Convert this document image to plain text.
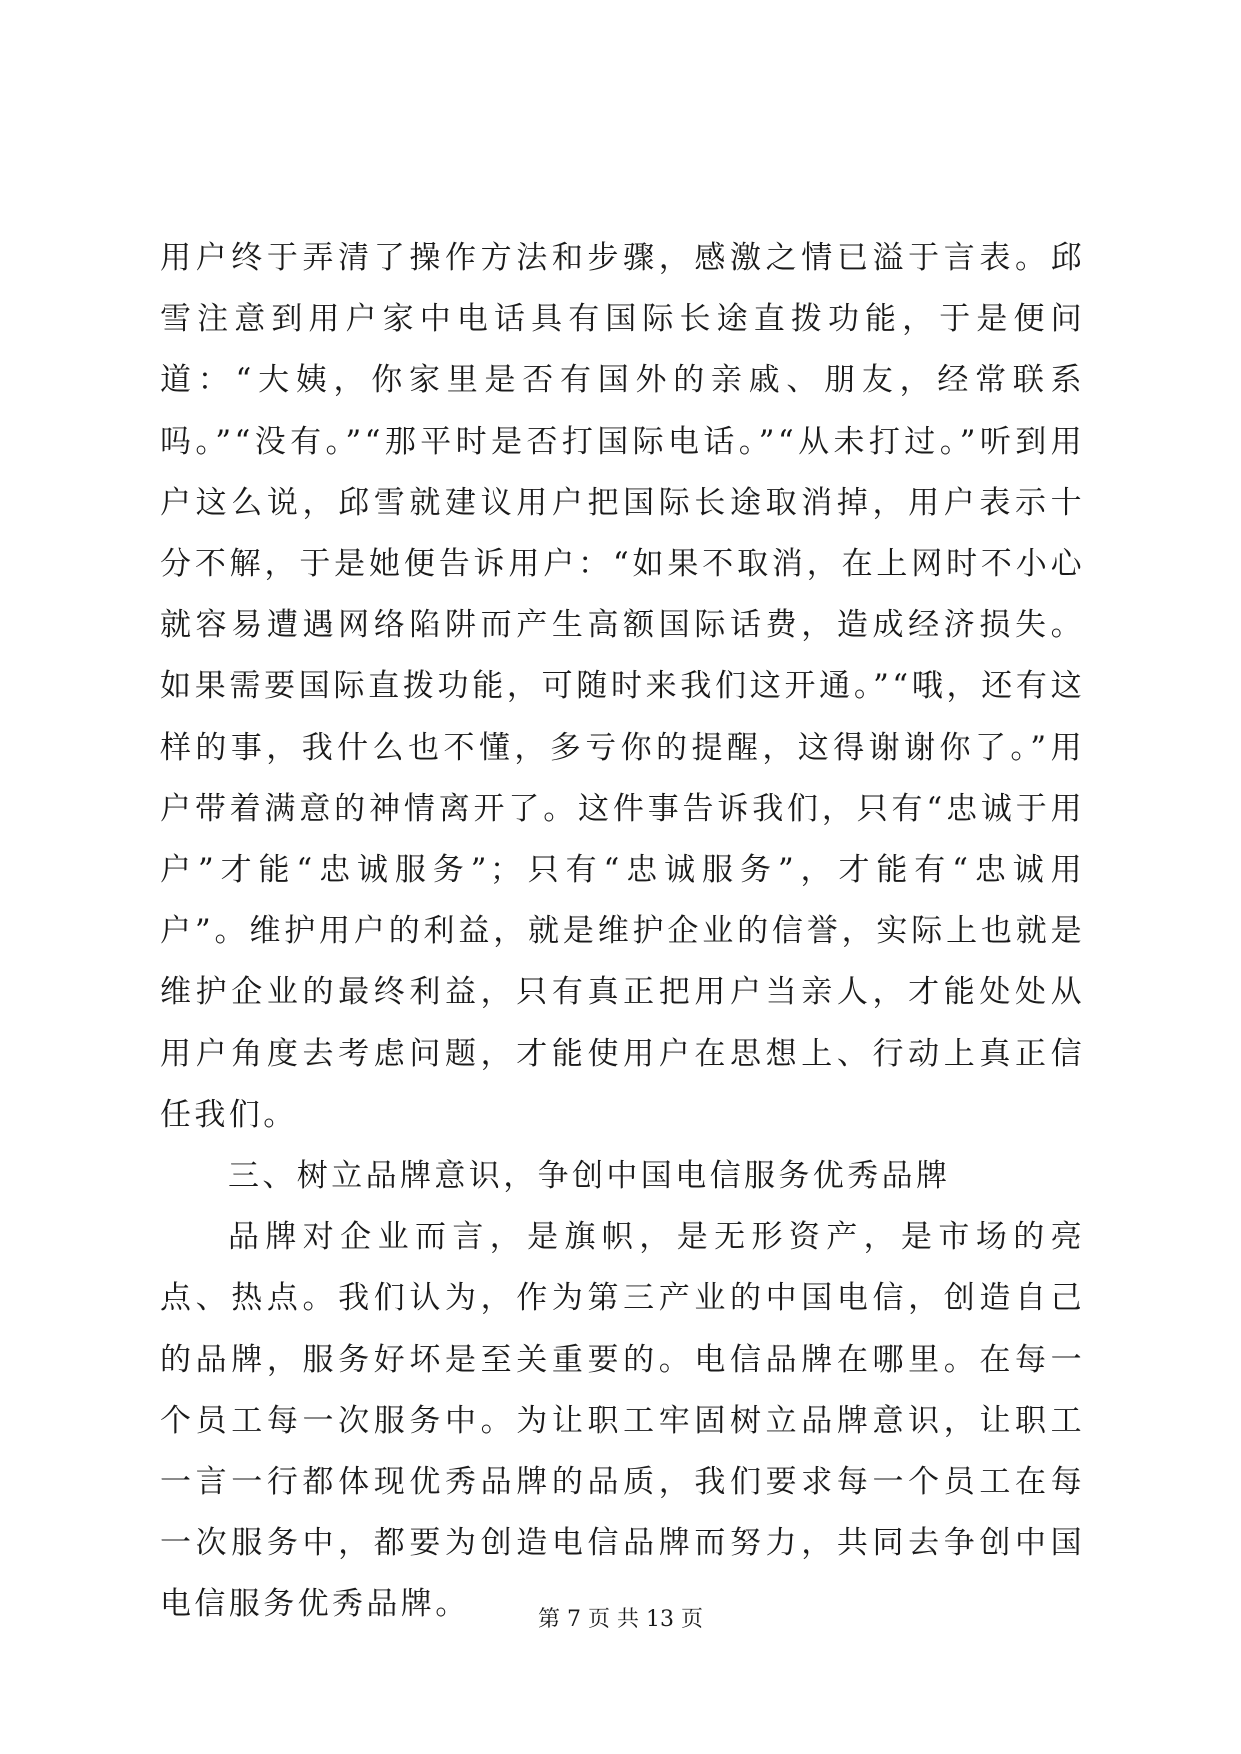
用户终于弄清了操作方法和步骤，感激之情已溢于言表。邱雪注意到用户家中电话具有国际长途直拨功能，于是便问道：“大姨，你家里是否有国外的亲戚、朋友，经常联系吗。”“没有。”“那平时是否打国际电话。”“从未打过。”听到用户这么说，邱雪就建议用户把国际长途取消掉，用户表示十分不解，于是她便告诉用户：“如果不取消，在上网时不小心就容易遭遇网络陷阱而产生高额国际话费，造成经济损失。如果需要国际直拨功能，可随时来我们这开通。”“哦，还有这样的事，我什么也不懂，多亏你的提醒，这得谢谢你了。”用户带着满意的神情离开了。这件事告诉我们，只有“忠诚于用户”才能“忠诚服务”；只有“忠诚服务”，才能有“忠诚用户”。维护用户的利益，就是维护企业的信誉，实际上也就是维护企业的最终利益，只有真正把用户当亲人，才能处处从用户角度去考虑问题，才能使用户在思想上、行动上真正信任我们。

三、树立品牌意识，争创中国电信服务优秀品牌

品牌对企业而言，是旗帜，是无形资产，是市场的亮点、热点。我们认为，作为第三产业的中国电信，创造自己的品牌，服务好坏是至关重要的。电信品牌在哪里。在每一个员工每一次服务中。为让职工牢固树立品牌意识，让职工一言一行都体现优秀品牌的品质，我们要求每一个员工在每一次服务中，都要为创造电信品牌而努力，共同去争创中国电信服务优秀品牌。	第 7 页 共 13 页
